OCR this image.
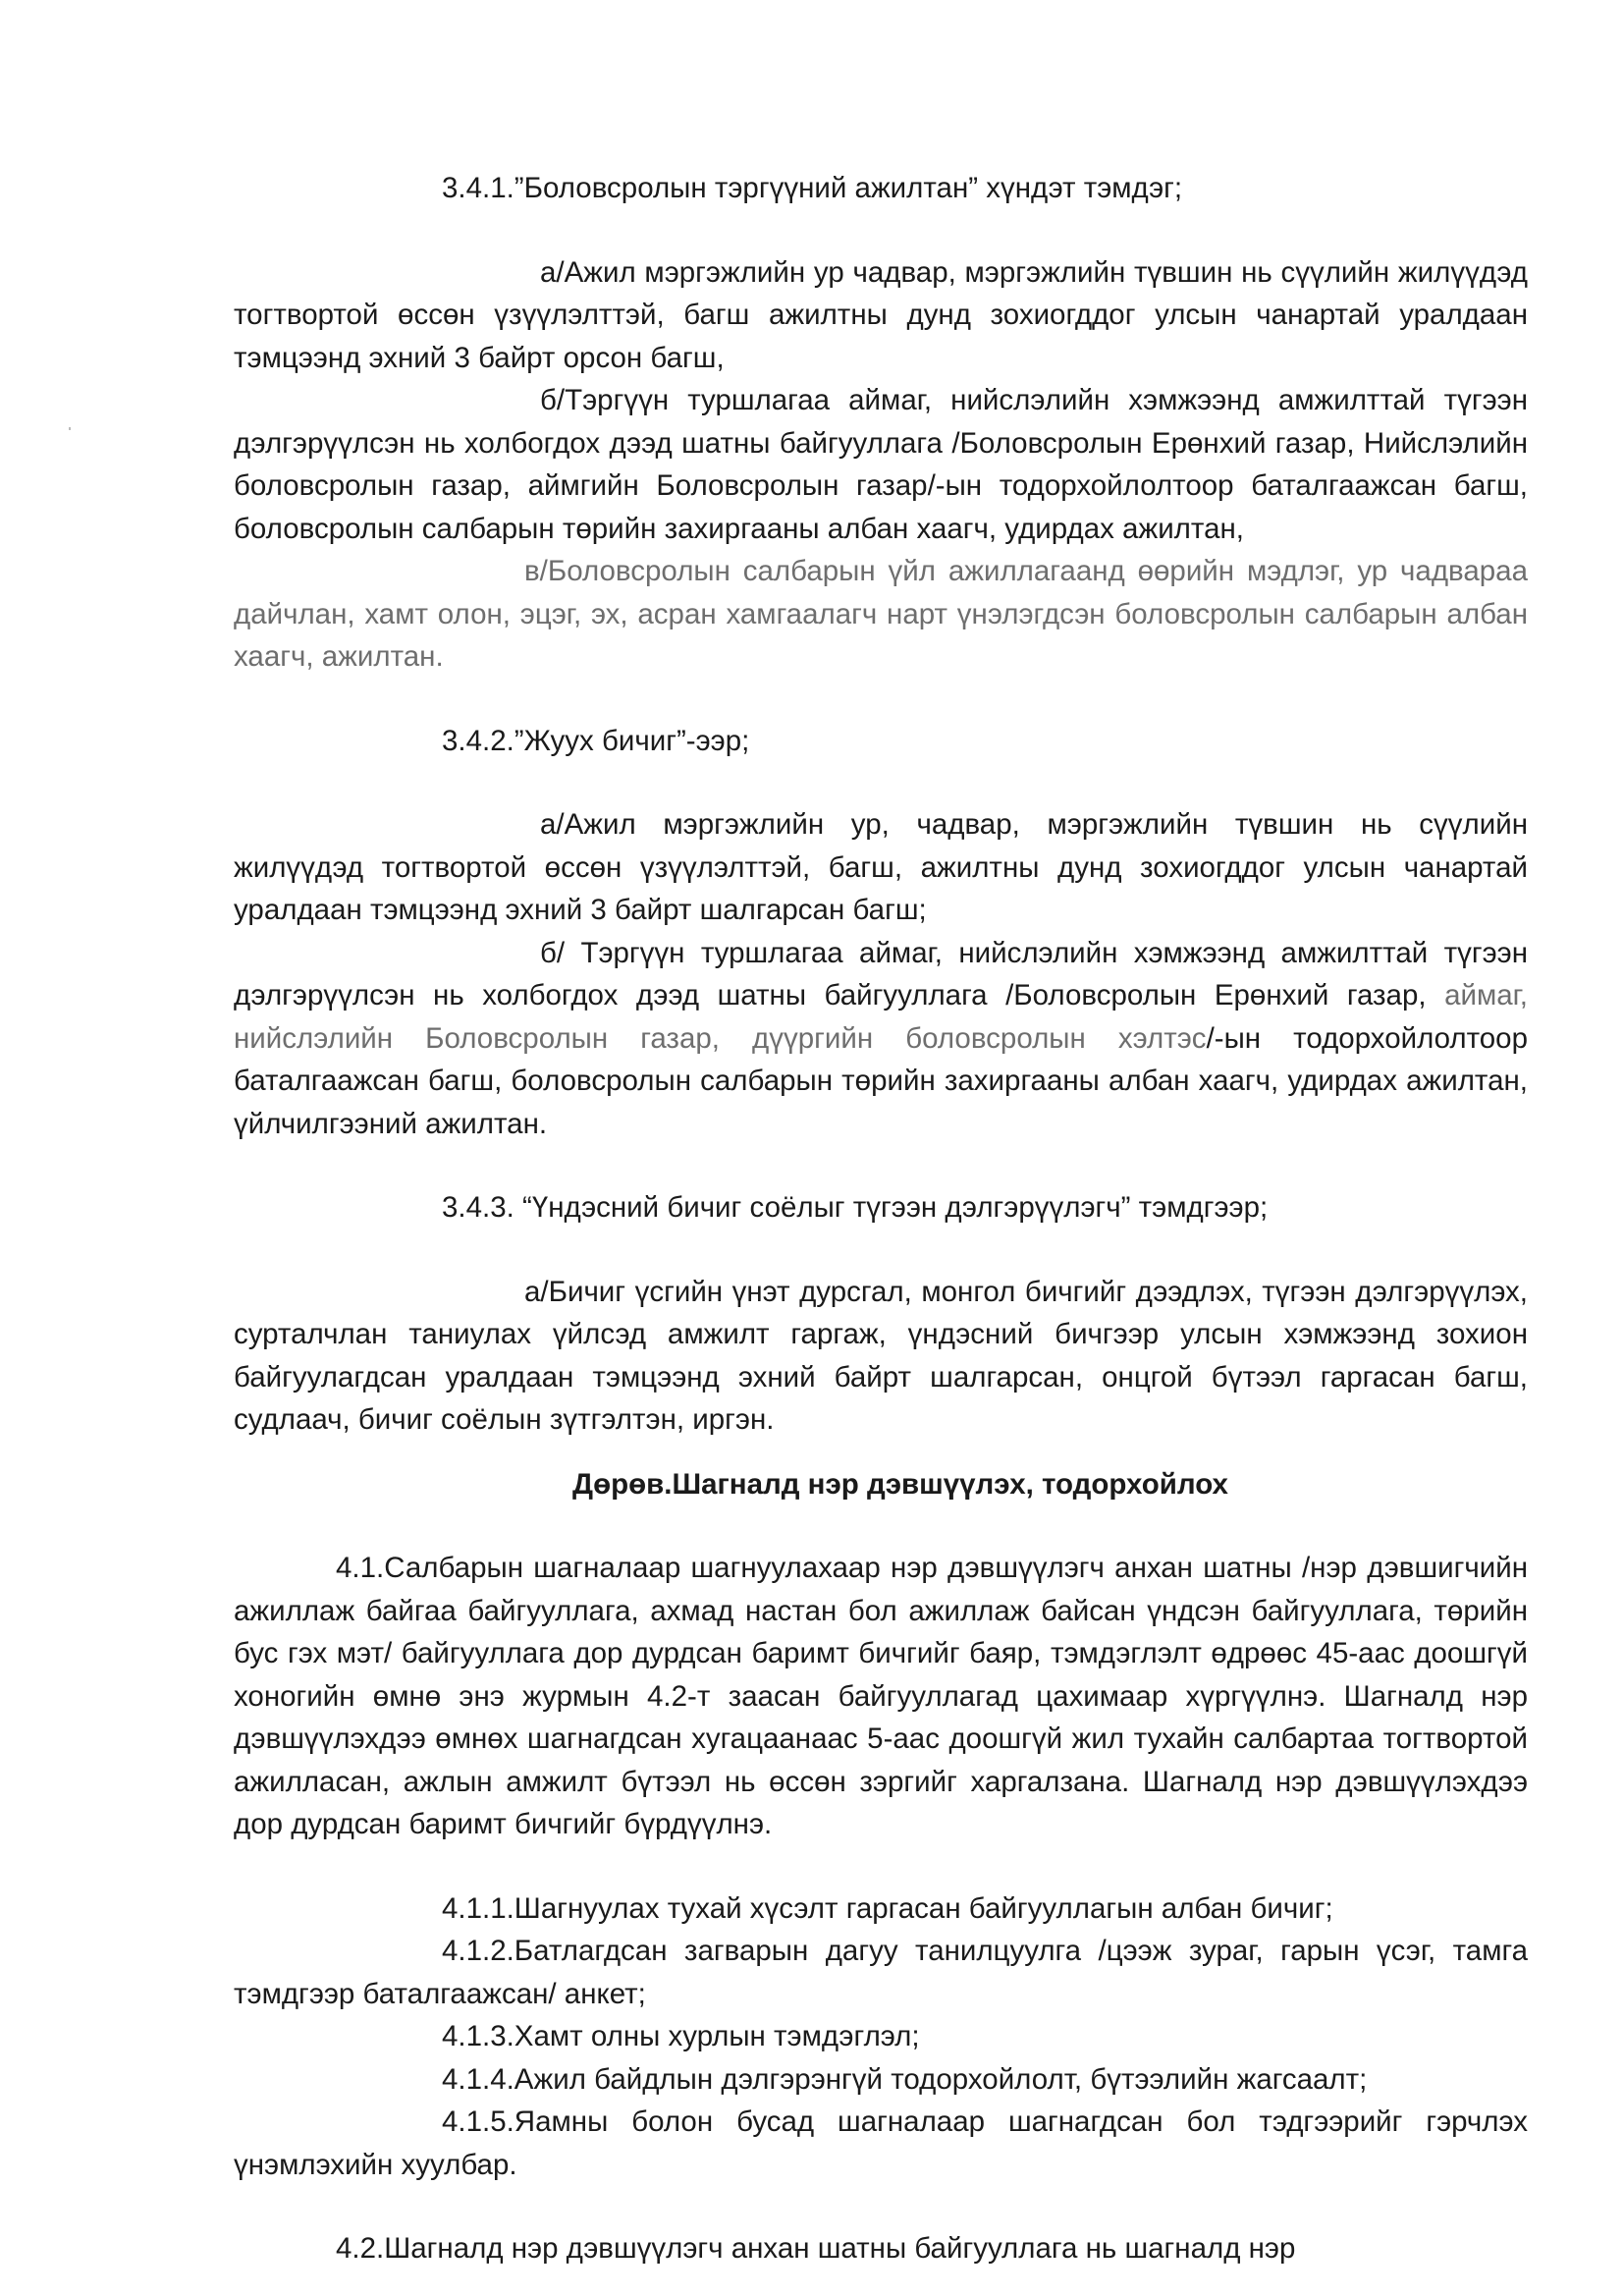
3.4.1.”Боловсролын тэргүүний ажилтан” хүндэт тэмдэг;

а/Ажил мэргэжлийн ур чадвар, мэргэжлийн түвшин нь сүүлийн жилүүдэд тогтвортой өссөн үзүүлэлттэй, багш ажилтны дунд зохиогддог улсын чанартай уралдаан тэмцээнд эхний 3 байрт орсон багш,

б/Тэргүүн туршлагаа аймаг, нийслэлийн хэмжээнд амжилттай түгээн дэлгэрүүлсэн нь холбогдох дээд шатны байгууллага /Боловсролын Ерөнхий газар, Нийслэлийн боловсролын газар, аймгийн Боловсролын газар/-ын тодорхойлолтоор баталгаажсан багш, боловсролын салбарын төрийн захиргааны албан хаагч, удирдах ажилтан,

в/Боловсролын салбарын үйл ажиллагаанд өөрийн мэдлэг, ур чадвараа дайчлан, хамт олон, эцэг, эх, асран хамгаалагч нарт үнэлэгдсэн боловсролын салбарын албан хаагч, ажилтан.

3.4.2.”Жуух бичиг”-ээр;

а/Ажил мэргэжлийн ур, чадвар, мэргэжлийн түвшин нь сүүлийн жилүүдэд тогтвортой өссөн үзүүлэлттэй, багш, ажилтны дунд зохиогддог улсын чанартай уралдаан тэмцээнд эхний 3 байрт шалгарсан багш;

б/ Тэргүүн туршлагаа аймаг, нийслэлийн хэмжээнд амжилттай түгээн дэлгэрүүлсэн нь холбогдох дээд шатны байгууллага /Боловсролын Ерөнхий газар, аймаг, нийслэлийн Боловсролын газар, дүүргийн боловсролын хэлтэс/-ын тодорхойлолтоор баталгаажсан багш, боловсролын салбарын төрийн захиргааны албан хаагч, удирдах ажилтан, үйлчилгээний ажилтан.

3.4.3. “Үндэсний бичиг соёлыг түгээн дэлгэрүүлэгч” тэмдгээр;

а/Бичиг үсгийн үнэт дурсгал, монгол бичгийг дээдлэх, түгээн дэлгэрүүлэх, сурталчлан таниулах үйлсэд амжилт гаргаж, үндэсний бичгээр улсын хэмжээнд зохион байгуулагдсан уралдаан тэмцээнд эхний байрт шалгарсан, онцгой бүтээл гаргасан багш, судлаач, бичиг соёлын зүтгэлтэн, иргэн.

Дөрөв.Шагналд нэр дэвшүүлэх, тодорхойлох

4.1.Салбарын шагналаар шагнуулахаар нэр дэвшүүлэгч анхан шатны /нэр дэвшигчийн ажиллаж байгаа байгууллага, ахмад настан бол ажиллаж байсан үндсэн байгууллага, төрийн бус гэх мэт/ байгууллага дор дурдсан баримт бичгийг баяр, тэмдэглэлт өдрөөс 45-аас доошгүй хоногийн өмнө энэ журмын 4.2-т заасан байгууллагад цахимаар хүргүүлнэ. Шагналд нэр дэвшүүлэхдээ өмнөх шагнагдсан хугацаанаас 5-аас доошгүй жил тухайн салбартаа тогтвортой ажилласан, ажлын амжилт бүтээл нь өссөн зэргийг харгалзана. Шагналд нэр дэвшүүлэхдээ дор дурдсан баримт бичгийг бүрдүүлнэ.

4.1.1.Шагнуулах тухай хүсэлт гаргасан байгууллагын албан бичиг;

4.1.2.Батлагдсан загварын дагуу танилцуулга /цээж зураг, гарын үсэг, тамга тэмдгээр баталгаажсан/ анкет;

4.1.3.Хамт олны хурлын тэмдэглэл;

4.1.4.Ажил байдлын дэлгэрэнгүй тодорхойлолт, бүтээлийн жагсаалт;

4.1.5.Яамны болон бусад шагналаар шагнагдсан бол тэдгээрийг гэрчлэх үнэмлэхийн хуулбар.

4.2.Шагналд нэр дэвшүүлэгч анхан шатны байгууллага нь шагналд нэр
